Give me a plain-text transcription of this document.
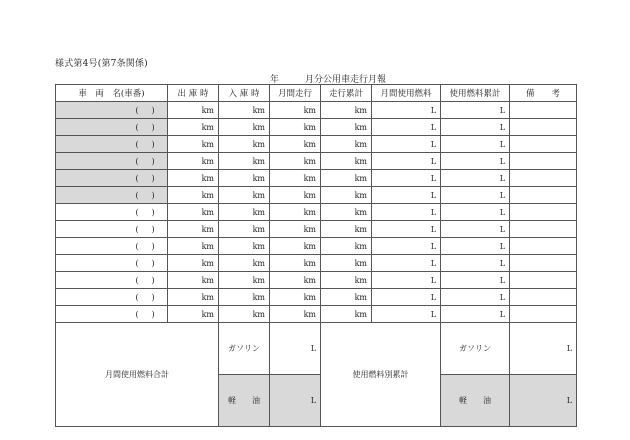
様式第4号(第7条関係)
年	月分公用車走行月報
車　両　名(車番)	出 庫 時	入 庫 時	月間走行	走行累計	月間使用燃料	使用燃料累計	備　　考	
( )	km	km	km	km	L	L		
( )	km	km	km	km	L	L		
( )	km	km	km	km	L	L		
( )	km	km	km	km	L	L		
( )	km	km	km	km	L	L		
( )	km	km	km	km	L	L		
( )	km	km	km	km	L	L		
( )	km	km	km	km	L	L		
( )	km	km	km	km	L	L		
( )	km	km	km	km	L	L		
( )	km	km	km	km	L	L		
( )	km	km	km	km	L	L		
( )	km	km	km	km	L	L		
月間使用燃料合計		ガソリン	L	使用燃料別累計		ガソリン	L	
		軽　　油	L			軽　　油	L	
